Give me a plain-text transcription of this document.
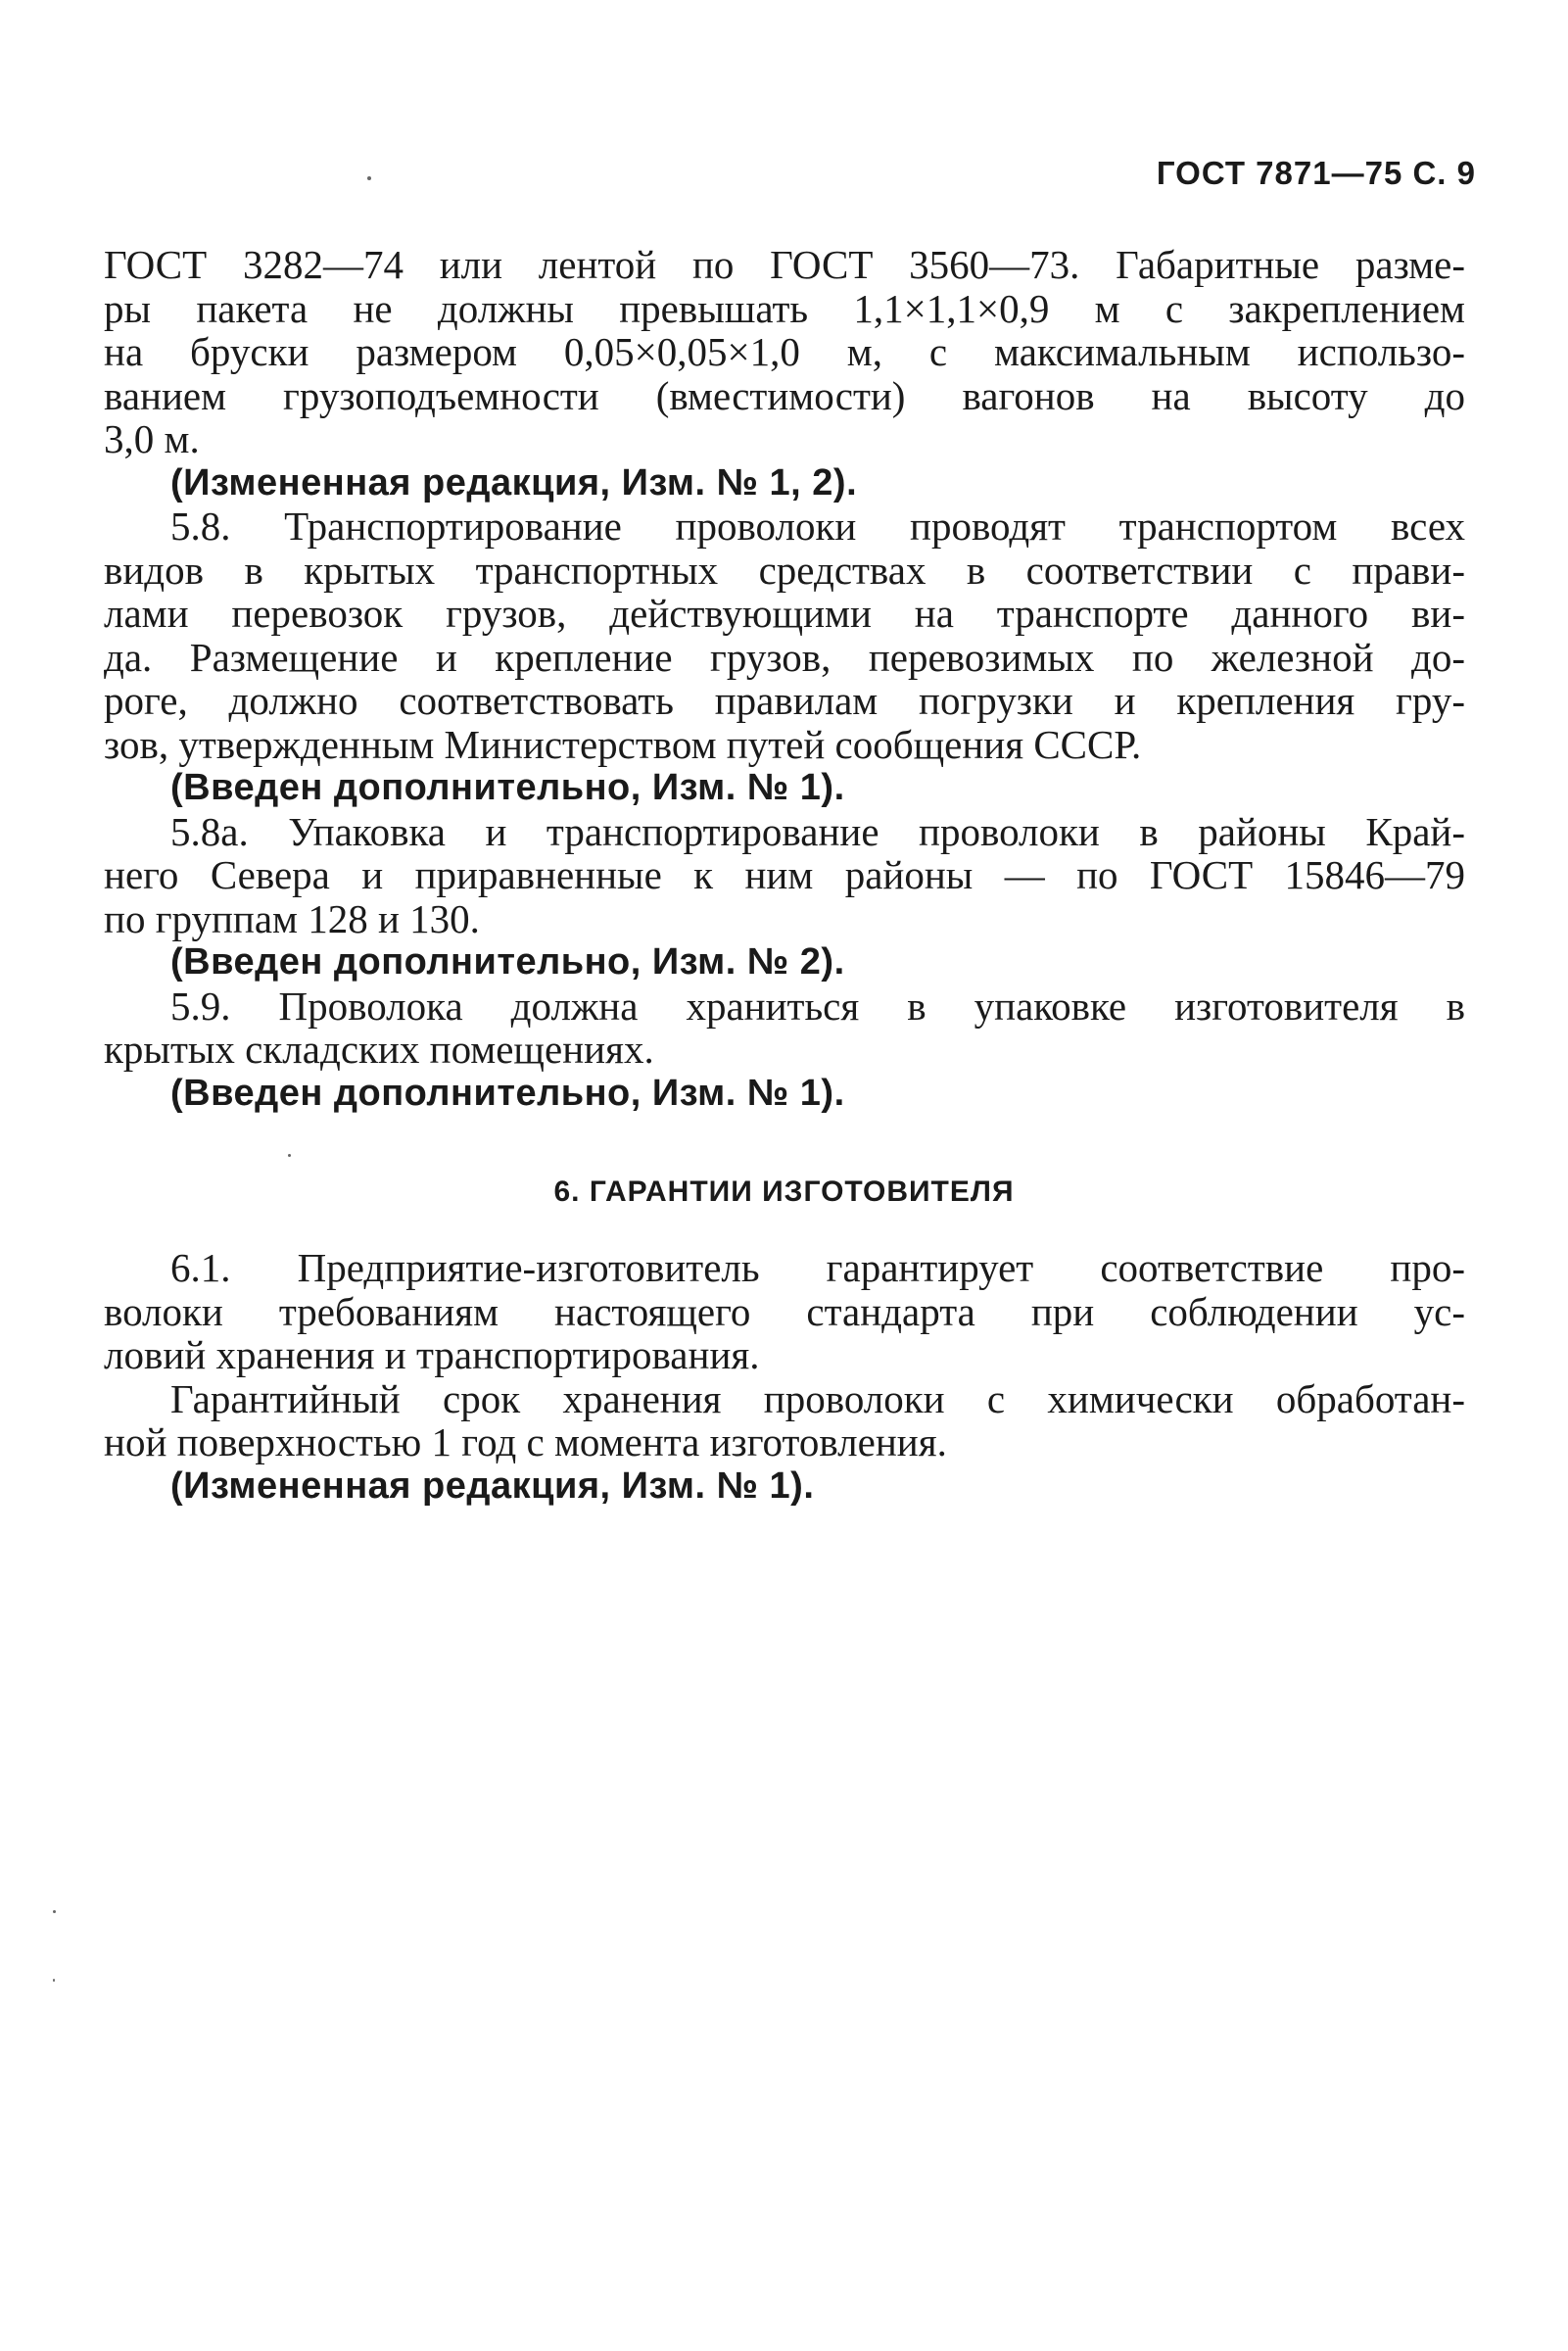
ГОСТ 7871—75 С. 9
ГОСТ 3282—74 или лентой по ГОСТ 3560—73. Габаритные разме-
ры пакета не должны превышать 1,1×1,1×0,9 м с закреплением
на бруски размером 0,05×0,05×1,0 м, с максимальным использо-
ванием грузоподъемности (вместимости) вагонов на высоту до
3,0 м.
(Измененная редакция, Изм. № 1, 2).
5.8. Транспортирование проволоки проводят транспортом всех
видов в крытых транспортных средствах в соответствии с прави-
лами перевозок грузов, действующими на транспорте данного ви-
да. Размещение и крепление грузов, перевозимых по железной до-
роге, должно соответствовать правилам погрузки и крепления гру-
зов, утвержденным Министерством путей сообщения СССР.
(Введен дополнительно, Изм. № 1).
5.8а. Упаковка и транспортирование проволоки в районы Край-
него Севера и приравненные к ним районы — по ГОСТ 15846—79
по группам 128 и 130.
(Введен дополнительно, Изм. № 2).
5.9. Проволока должна храниться в упаковке изготовителя в
крытых складских помещениях.
(Введен дополнительно, Изм. № 1).
6. ГАРАНТИИ ИЗГОТОВИТЕЛЯ
6.1. Предприятие-изготовитель гарантирует соответствие про-
волоки требованиям настоящего стандарта при соблюдении ус-
ловий хранения и транспортирования.
Гарантийный срок хранения проволоки с химически обработан-
ной поверхностью 1 год с момента изготовления.
(Измененная редакция, Изм. № 1).
